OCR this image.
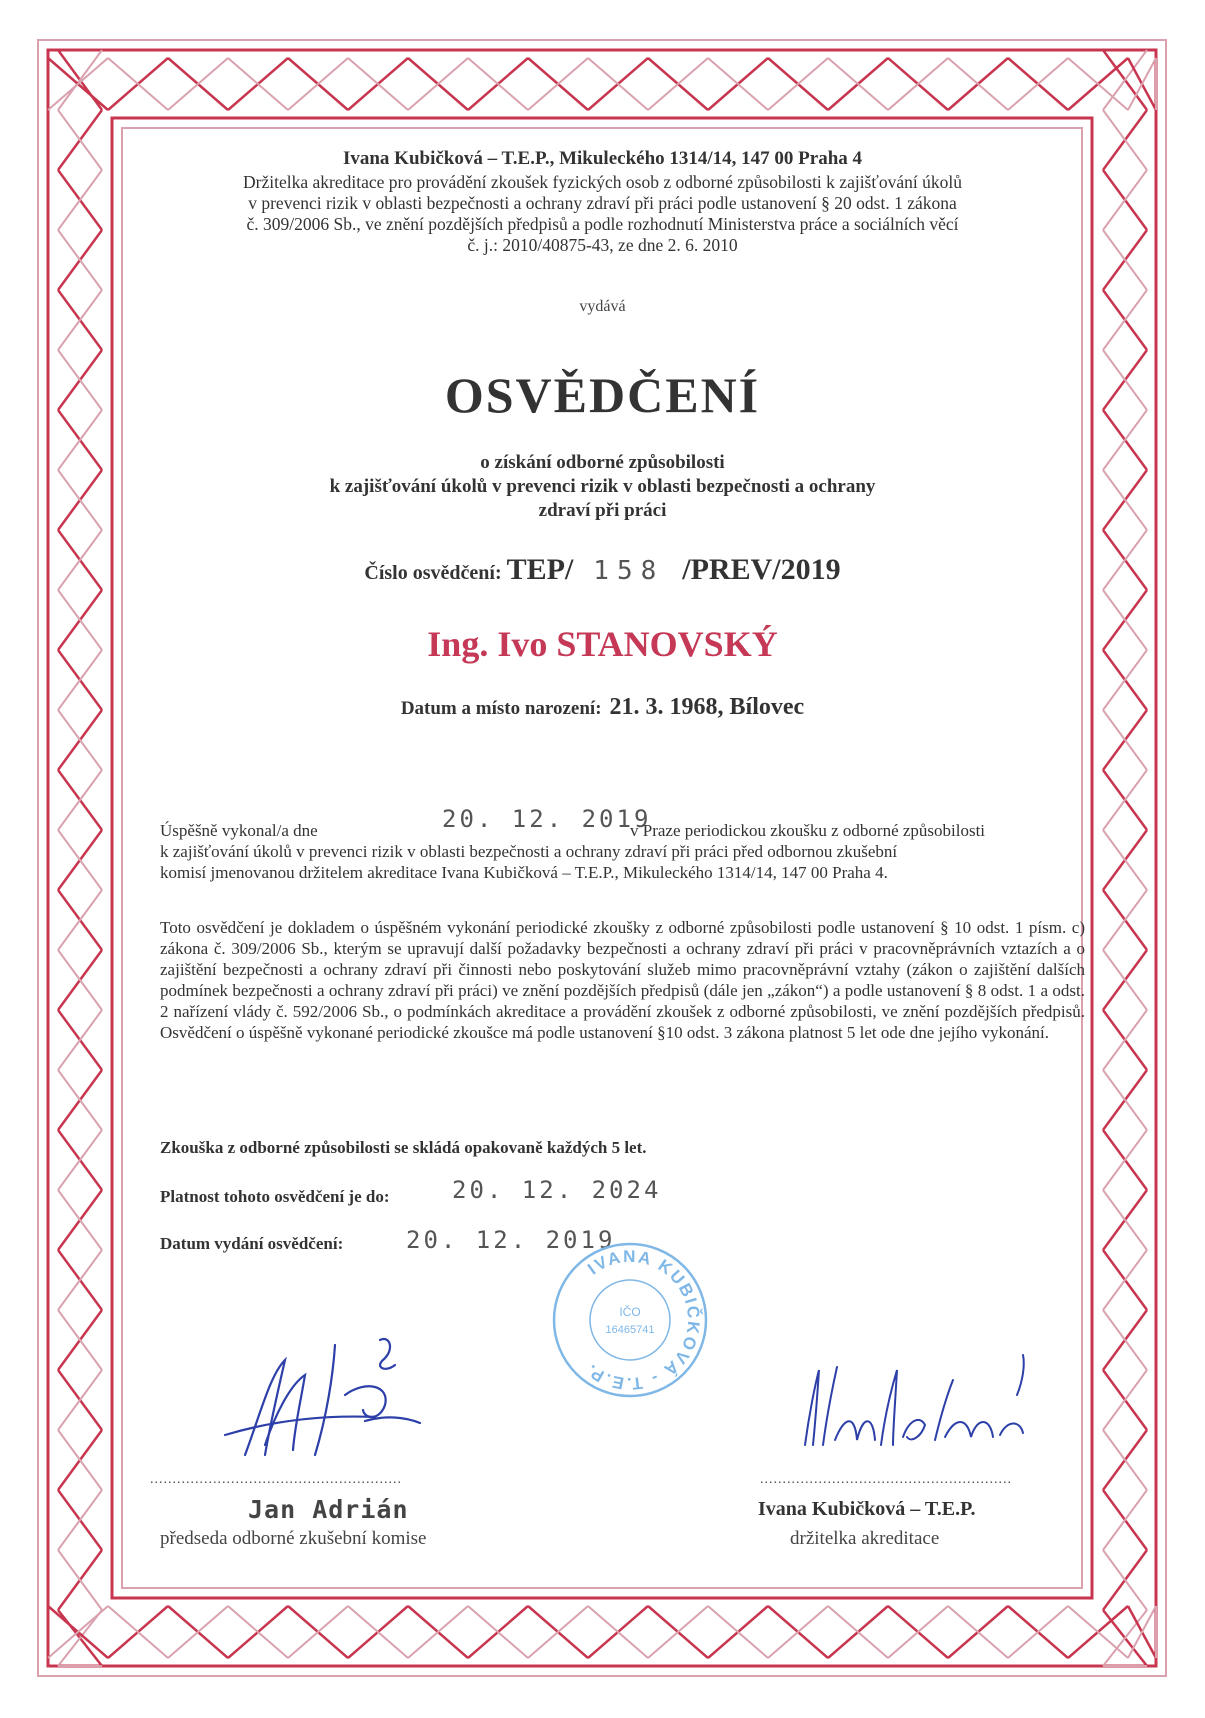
Ivana Kubičková – T.E.P., Mikuleckého 1314/14, 147 00 Praha 4
Držitelka akreditace pro provádění zkoušek fyzických osob z odborné způsobilosti k zajišťování úkolů
v prevenci rizik v oblasti bezpečnosti a ochrany zdraví při práci podle ustanovení § 20 odst. 1 zákona
č. 309/2006 Sb., ve znění pozdějších předpisů a podle rozhodnutí Ministerstva práce a sociálních věcí
č. j.: 2010/40875-43, ze dne 2. 6. 2010
vydává
OSVĚDČENÍ
o získání odborné způsobilosti
k zajišťování úkolů v prevenci rizik v oblasti bezpečnosti a ochrany
zdraví při práci
Číslo osvědčení: TEP/ 158 /PREV/2019
Ing. Ivo STANOVSKÝ
Datum a místo narození: 21. 3. 1968, Bílovec
Úspěšně vykonal/a dne	20. 12. 2019
v Praze periodickou zkoušku z odborné způsobilosti
k zajišťování úkolů v prevenci rizik v oblasti bezpečnosti a ochrany zdraví při práci před odbornou zkušební
komisí jmenovanou držitelem akreditace Ivana Kubičková – T.E.P., Mikuleckého 1314/14, 147 00 Praha 4.
Toto osvědčení je dokladem o úspěšném vykonání periodické zkoušky z odborné způsobilosti podle ustanovení § 10 odst. 1 písm. c) zákona č. 309/2006 Sb., kterým se upravují další požadavky bezpečnosti a ochrany zdraví při práci v pracovněprávních vztazích a o zajištění bezpečnosti a ochrany zdraví při činnosti nebo poskytování služeb mimo pracovněprávní vztahy (zákon o zajištění dalších podmínek bezpečnosti a ochrany zdraví při práci) ve znění pozdějších předpisů (dále jen „zákon“) a podle ustanovení § 8 odst. 1 a odst. 2 nařízení vlády č. 592/2006 Sb., o podmínkách akreditace a provádění zkoušek z odborné způsobilosti, ve znění pozdějších předpisů. Osvědčení o úspěšně vykonané periodické zkoušce má podle ustanovení §10 odst. 3 zákona platnost 5 let ode dne jejího vykonání.
Zkouška z odborné způsobilosti se skládá opakovaně každých 5 let.
Platnost tohoto osvědčení je do:	20. 12. 2024
Datum vydání osvědčení:	20. 12. 2019
IVANA KUBIČKOVÁ - T.E.P.
IČO
16465741
........................................................
Jan Adrián
předseda odborné zkušební komise
........................................................
Ivana Kubičková – T.E.P.
držitelka akreditace
